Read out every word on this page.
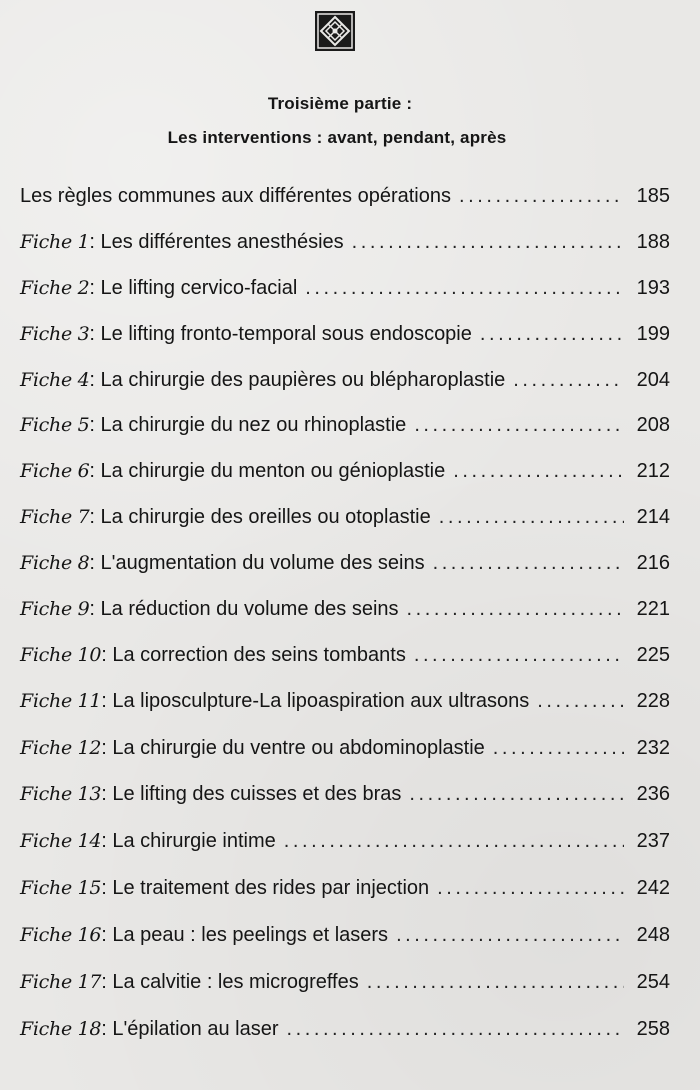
Troisième partie :
Les interventions : avant, pendant, après
Les règles communes aux différentes opérations . . .	185
Fiche 1: Les différentes anesthésies . . .	188
Fiche 2: Le lifting cervico-facial . . .	193
Fiche 3: Le lifting fronto-temporal sous endoscopie . . .	199
Fiche 4: La chirurgie des paupières ou blépharoplastie . . .	204
Fiche 5: La chirurgie du nez ou rhinoplastie . . .	208
Fiche 6: La chirurgie du menton ou génioplastie . . .	212
Fiche 7: La chirurgie des oreilles ou otoplastie . . .	214
Fiche 8: L'augmentation du volume des seins . . .	216
Fiche 9: La réduction du volume des seins . . .	221
Fiche 10: La correction des seins tombants . . .	225
Fiche 11: La liposculpture-La lipoaspiration aux ultrasons . . .	228
Fiche 12: La chirurgie du ventre ou abdominoplastie . . .	232
Fiche 13: Le lifting des cuisses et des bras . . .	236
Fiche 14: La chirurgie intime . . .	237
Fiche 15: Le traitement des rides par injection . . .	242
Fiche 16: La peau : les peelings et lasers . . .	248
Fiche 17: La calvitie : les microgreffes . . .	254
Fiche 18: L'épilation au laser . . .	258
